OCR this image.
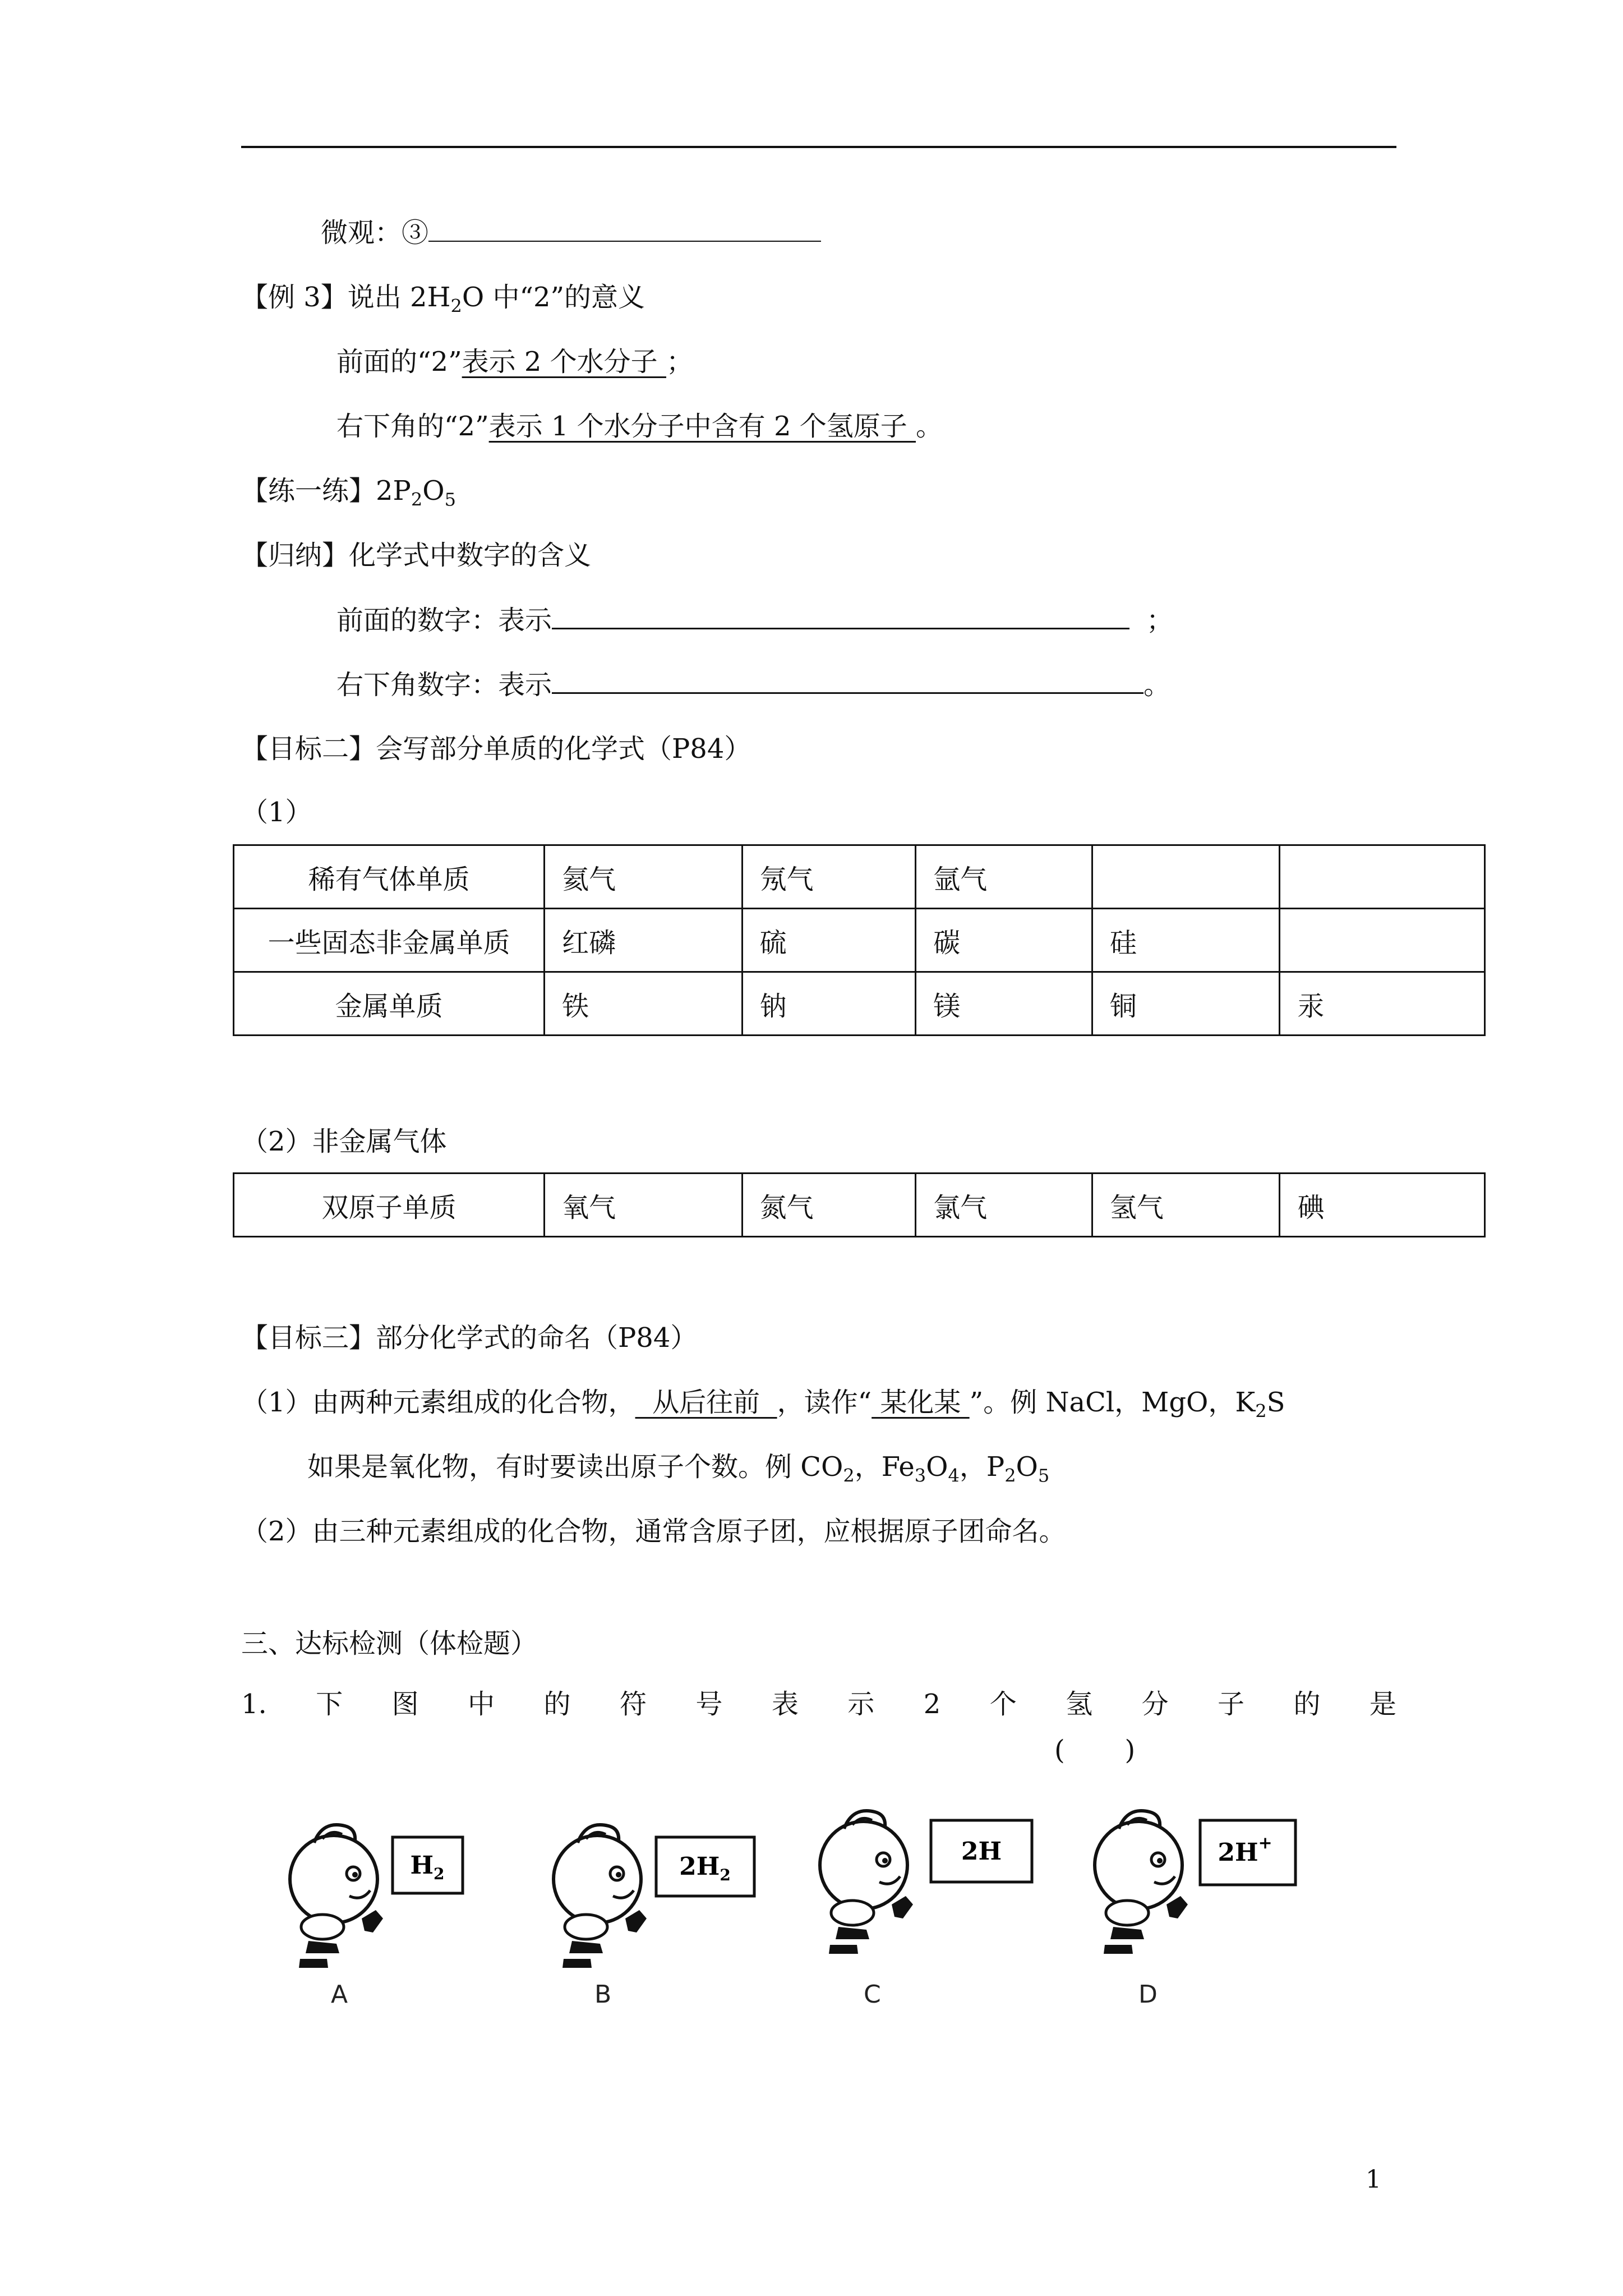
微观：③
【例 3】说出 $2H_2O$ 中“2”的意义
前面的“2”表示 2 个水分子 ；
右下角的“2”表示 1 个水分子中含有 2 个氢原子 。
【练一练】$2P_2O_5$
【归纳】化学式中数字的含义
前面的数字：表示	；
右下角数字：表示	。
【目标二】会写部分单质的化学式（P84）
（1）
稀有气体单质	氦气	氖气	氩气		
一些固态非金属单质	红磷	硫	碳	硅	
金属单质	铁	钠	镁	铜	汞
（2）非金属气体
双原子单质	氧气	氮气	氯气	氢气	碘
【目标三】部分化学式的命名（P84）
（1）由两种元素组成的化合物，  从后往前  ，读作“ 某化某 ”。例 NaCl，MgO，$K_2S$
如果是氧化物，有时要读出原子个数。例 $CO_2$，$Fe_3O_4$，$P_2O_5$
（2）由三种元素组成的化合物，通常含原子团，应根据原子团命名。
三、达标检测（体检题）
1. 下 图 中 的 符 号 表 示 2 个 氢 分 子 的 是
(       )
$H_2$	$2H_2$
2H	2H+
A	B	C	D
1
